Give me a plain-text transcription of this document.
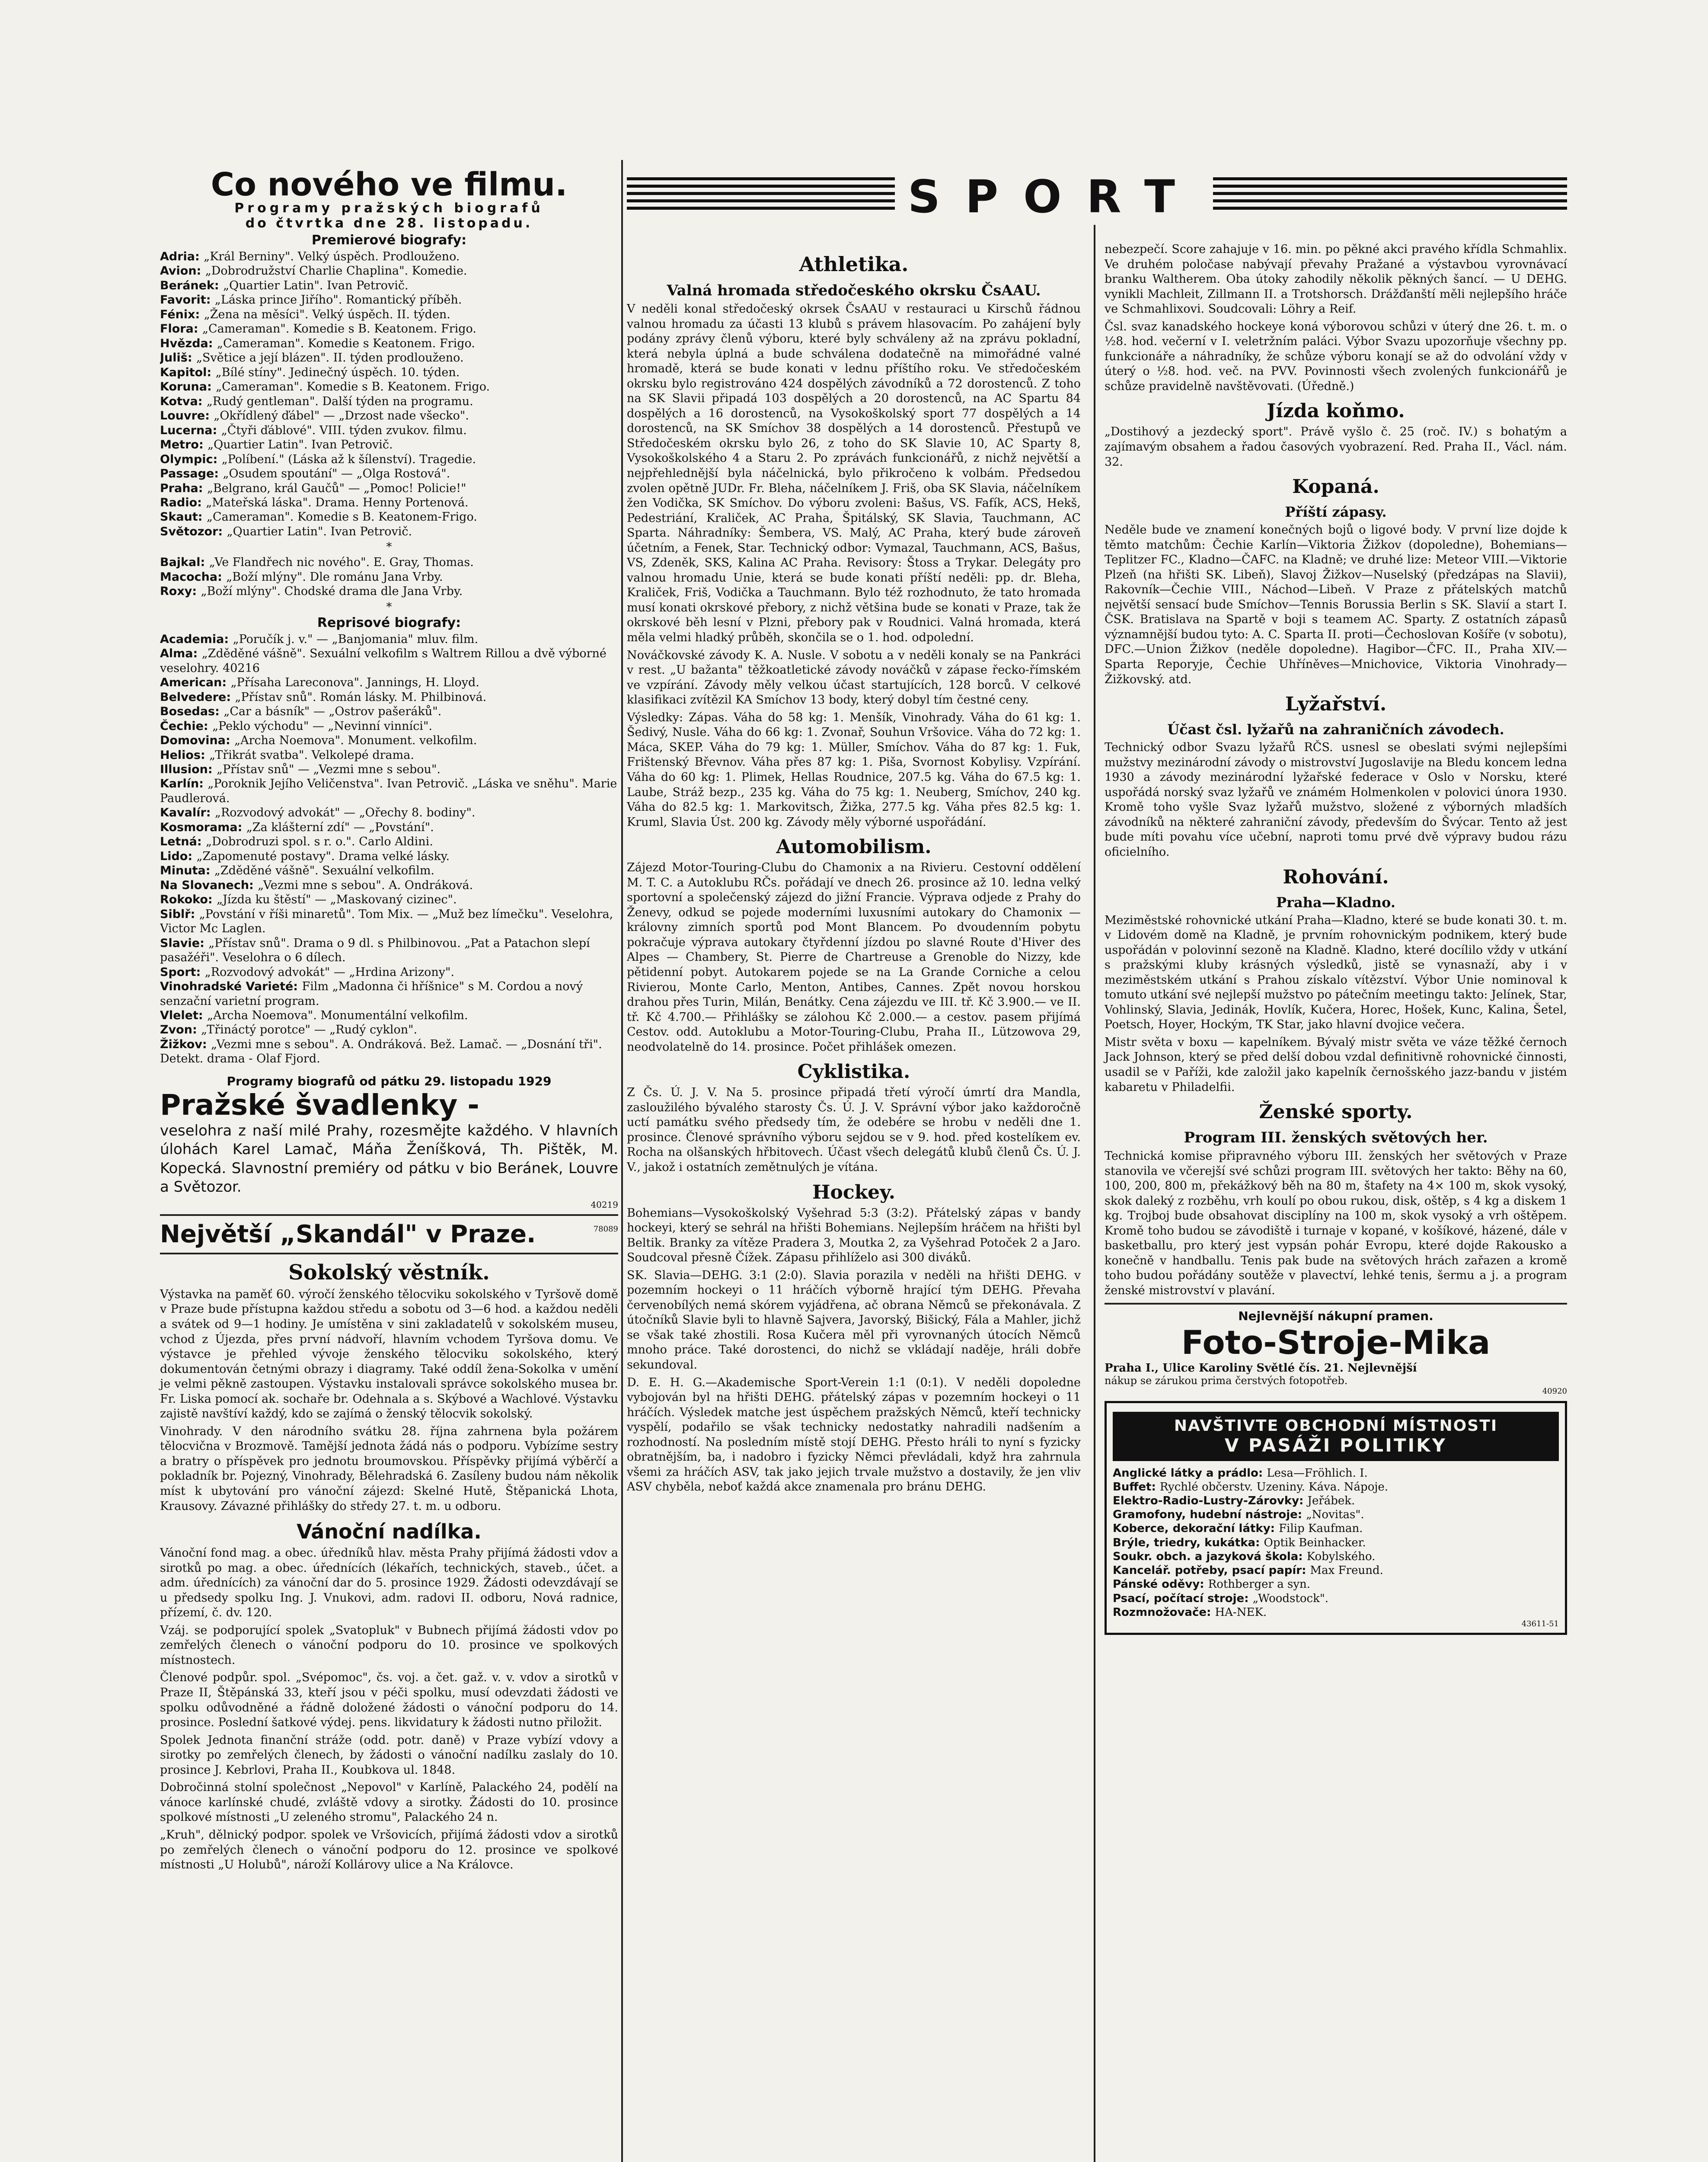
SPORT
Co nového ve filmu.
Programy pražských biografů
do čtvrtka dne 28. listopadu.
Premierové biografy:
Adria: „Král Berniny". Velký úspěch. Prodlouženo.
Avion: „Dobrodružství Charlie Chaplina". Komedie.
Beránek: „Quartier Latin". Ivan Petrovič.
Favorit: „Láska prince Jiřího". Romantický příběh.
Fénix: „Žena na měsíci". Velký úspěch. II. týden.
Flora: „Cameraman". Komedie s B. Keatonem. Frigo.
Hvězda: „Cameraman". Komedie s Keatonem. Frigo.
Juliš: „Světice a její blázen". II. týden prodlouženo.
Kapitol: „Bílé stíny". Jedinečný úspěch. 10. týden.
Koruna: „Cameraman". Komedie s B. Keatonem. Frigo.
Kotva: „Rudý gentleman". Další týden na programu.
Louvre: „Okřídlený ďábel" — „Drzost nade všecko".
Lucerna: „Čtyři ďáblové". VIII. týden zvukov. filmu.
Metro: „Quartier Latin". Ivan Petrovič.
Olympic: „Políbení." (Láska až k šílenství). Tragedie.
Passage: „Osudem spoutání" — „Olga Rostová".
Praha: „Belgrano, král Gaučů" — „Pomoc! Policie!"
Radio: „Mateřská láska". Drama. Henny Portenová.
Skaut: „Cameraman". Komedie s B. Keatonem-Frigo.
Světozor: „Quartier Latin". Ivan Petrovič.
*
Bajkal: „Ve Flandřech nic nového". E. Gray, Thomas.
Macocha: „Boží mlýny". Dle románu Jana Vrby.
Roxy: „Boží mlýny". Chodské drama dle Jana Vrby.
*
Reprisové biografy:
Academia: „Poručík j. v." — „Banjomania" mluv. film.
Alma: „Zděděné vášně". Sexuální velkofilm s Waltrem Rillou a dvě výborné veselohry. 40216
American: „Přísaha Lareconova". Jannings, H. Lloyd.
Belvedere: „Přístav snů". Román lásky. M. Philbinová.
Bosedas: „Car a básník" — „Ostrov pašeráků".
Čechie: „Peklo východu" — „Nevinní vinníci".
Domovina: „Archa Noemova". Monument. velkofilm.
Helios: „Třikrát svatba". Velkolepé drama.
Illusion: „Přístav snů" — „Vezmi mne s sebou".
Karlín: „Poroknik Jejího Veličenstva". Ivan Petrovič. „Láska ve sněhu". Marie Paudlerová.
Kavalír: „Rozvodový advokát" — „Ořechy 8. bodiny".
Kosmorama: „Za klášterní zdí" — „Povstání".
Letná: „Dobrodruzi spol. s r. o.". Carlo Aldini.
Lido: „Zapomenuté postavy". Drama velké lásky.
Minuta: „Zděděné vášně". Sexuální velkofilm.
Na Slovanech: „Vezmi mne s sebou". A. Ondráková.
Rokoko: „Jízda ku štěstí" — „Maskovaný cizinec".
Siblř: „Povstání v říši minaretů". Tom Mix. — „Muž bez límečku". Veselohra, Victor Mc Laglen.
Slavie: „Přístav snů". Drama o 9 dl. s Philbinovou. „Pat a Patachon slepí pasažéři". Veselohra o 6 dílech.
Sport: „Rozvodový advokát" — „Hrdina Arizony".
Vinohradské Varieté: Film „Madonna či hříšnice" s M. Cordou a nový senzační varietní program.
Vlelet: „Archa Noemova". Monumentální velkofilm.
Zvon: „Třináctý porotce" — „Rudý cyklon".
Žižkov: „Vezmi mne s sebou". A. Ondráková. Bež. Lamač. — „Dosnání tři". Detekt. drama - Olaf Fjord.
Programy biografů od pátku 29. listopadu 1929
Pražské švadlenky -

veselohra z naší milé Prahy, rozesmějte každého. V hlavních úlohách Karel Lamač, Máňa Ženíšková, Th. Pištěk, M. Kopecká. Slavnostní premiéry od pátku v bio Beránek, Louvre a Světozor.

40219
Největší „Skandál" v Praze.	78089
Sokolský věstník.

Výstavka na paměť 60. výročí ženského tělocviku sokolského v Tyršově domě v Praze bude přístupna každou středu a sobotu od 3—6 hod. a každou neděli a svátek od 9—1 hodiny. Je umístěna v sini zakladatelů v sokolském museu, vchod z Újezda, přes první nádvoří, hlavním vchodem Tyršova domu. Ve výstavce je přehled vývoje ženského tělocviku sokolského, který dokumentován četnými obrazy i diagramy. Také oddíl žena-Sokolka v umění je velmi pěkně zastoupen. Výstavku instalovali správce sokolského musea br. Fr. Liska pomocí ak. sochaře br. Odehnala a s. Skýbové a Wachlové. Výstavku zajistě navštíví každý, kdo se zajímá o ženský tělocvik sokolský.

Vinohrady. V den národního svátku 28. října zahrnena byla požárem tělocvična v Brozmově. Tamější jednota žádá nás o podporu. Vybízíme sestry a bratry o příspěvek pro jednotu broumovskou. Příspěvky přijímá výběrčí a pokladník br. Pojezný, Vinohrady, Bělehradská 6. Zasíleny budou nám několik míst k ubytování pro vánoční zájezd: Skelné Hutě, Štěpanická Lhota, Krausovy. Závazné přihlášky do středy 27. t. m. u odboru.

Vánoční nadílka.

Vánoční fond mag. a obec. úředníků hlav. města Prahy přijímá žádosti vdov a sirotků po mag. a obec. úřednících (lékařích, technických, staveb., účet. a adm. úřednících) za vánoční dar do 5. prosince 1929. Žádosti odevzdávají se u předsedy spolku Ing. J. Vnukovi, adm. radovi II. odboru, Nová radnice, přízemí, č. dv. 120.

Vzáj. se podporující spolek „Svatopluk" v Bubnech přijímá žádosti vdov po zemřelých členech o vánoční podporu do 10. prosince ve spolkových místnostech.

Členové podpůr. spol. „Svépomoc", čs. voj. a čet. gaž. v. v. vdov a sirotků v Praze II, Štěpánská 33, kteří jsou v péči spolku, musí odevzdati žádosti ve spolku odůvodněné a řádně doložené žádosti o vánoční podporu do 14. prosince. Poslední šatkové výdej. pens. likvidatury k žádosti nutno přiložit.

Spolek Jednota finanční stráže (odd. potr. daně) v Praze vybízí vdovy a sirotky po zemřelých členech, by žádosti o vánoční nadílku zaslaly do 10. prosince J. Kebrlovi, Praha II., Koubkova ul. 1848.

Dobročinná stolní společnost „Nepovol" v Karlíně, Palackého 24, podělí na vánoce karlínské chudé, zvláště vdovy a sirotky. Žádosti do 10. prosince spolkové místnosti „U zeleného stromu", Palackého 24 n.

„Kruh", dělnický podpor. spolek ve Vršovicích, přijímá žádosti vdov a sirotků po zemřelých členech o vánoční podporu do 12. prosince ve spolkové místnosti „U Holubů", nároží Kollárovy ulice a Na Královce.

Athletika.
Valná hromada středočeského okrsku ČsAAU.

V neděli konal středočeský okrsek ČsAAU v restauraci u Kirschů řádnou valnou hromadu za účasti 13 klubů s právem hlasovacím. Po zahájení byly podány zprávy členů výboru, které byly schváleny až na zprávu pokladní, která nebyla úplná a bude schválena dodatečně na mimořádné valné hromadě, která se bude konati v lednu příštího roku. Ve středočeském okrsku bylo registrováno 424 dospělých závodníků a 72 dorostenců. Z toho na SK Slavii připadá 103 dospělých a 20 dorostenců, na AC Spartu 84 dospělých a 16 dorostenců, na Vysokoškolský sport 77 dospělých a 14 dorostenců, na SK Smíchov 38 dospělých a 14 dorostenců. Přestupů ve Středočeském okrsku bylo 26, z toho do SK Slavie 10, AC Sparty 8, Vysokoškolského 4 a Staru 2. Po zprávách funkcionářů, z nichž největší a nejpřehlednější byla náčelnická, bylo přikročeno k volbám. Předsedou zvolen opětně JUDr. Fr. Bleha, náčelníkem J. Friš, oba SK Slavia, náčelníkem žen Vodička, SK Smíchov. Do výboru zvoleni: Bašus, VS. Fafík, ACS, Hekš, Pedestriání, Kraliček, AC Praha, Špitálský, SK Slavia, Tauchmann, AC Sparta. Náhradníky: Šembera, VS. Malý, AC Praha, který bude zároveň účetním, a Fenek, Star. Technický odbor: Vymazal, Tauchmann, ACS, Bašus, VS, Zdeněk, SKS, Kalina AC Praha. Revisory: Štoss a Trykar. Delegáty pro valnou hromadu Unie, která se bude konati příští neděli: pp. dr. Bleha, Kraliček, Friš, Vodička a Tauchmann. Bylo též rozhodnuto, že tato hromada musí konati okrskové přebory, z nichž většina bude se konati v Praze, tak že okrskové běh lesní v Plzni, přebory pak v Roudnici. Valná hromada, která měla velmi hladký průběh, skončila se o 1. hod. odpolední.

Nováčkovské závody K. A. Nusle. V sobotu a v neděli konaly se na Pankráci v rest. „U bažanta" těžkoatletické závody nováčků v zápase řecko-římském ve vzpírání. Závody měly velkou účast startujících, 128 borců. V celkové klasifikaci zvítězil KA Smíchov 13 body, který dobyl tím čestné ceny.

Výsledky: Zápas. Váha do 58 kg: 1. Menšík, Vinohrady. Váha do 61 kg: 1. Šedivý, Nusle. Váha do 66 kg: 1. Zvonař, Souhun Vršovice. Váha do 72 kg: 1. Máca, SKEP. Váha do 79 kg: 1. Müller, Smíchov. Váha do 87 kg: 1. Fuk, Frištenský Břevnov. Váha přes 87 kg: 1. Piša, Svornost Kobylisy. Vzpírání. Váha do 60 kg: 1. Plimek, Hellas Roudnice, 207.5 kg. Váha do 67.5 kg: 1. Laube, Stráž bezp., 235 kg. Váha do 75 kg: 1. Neuberg, Smíchov, 240 kg. Váha do 82.5 kg: 1. Markovitsch, Žižka, 277.5 kg. Váha přes 82.5 kg: 1. Kruml, Slavia Úst. 200 kg. Závody měly výborné uspořádání.

Automobilism.

Zájezd Motor-Touring-Clubu do Chamonix a na Rivieru. Cestovní oddělení M. T. C. a Autoklubu RČs. pořádají ve dnech 26. prosince až 10. ledna velký sportovní a společenský zájezd do jižní Francie. Výprava odjede z Prahy do Ženevy, odkud se pojede moderními luxusními autokary do Chamonix — královny zimních sportů pod Mont Blancem. Po dvoudenním pobytu pokračuje výprava autokary čtyřdenní jízdou po slavné Route d'Hiver des Alpes — Chambery, St. Pierre de Chartreuse a Grenoble do Nizzy, kde pětidenní pobyt. Autokarem pojede se na La Grande Corniche a celou Rivierou, Monte Carlo, Menton, Antibes, Cannes. Zpět novou horskou drahou přes Turin, Milán, Benátky. Cena zájezdu ve III. tř. Kč 3.900.— ve II. tř. Kč 4.700.— Přihlášky se zálohou Kč 2.000.— a cestov. pasem přijímá Cestov. odd. Autoklubu a Motor-Touring-Clubu, Praha II., Lützowova 29, neodvolatelně do 14. prosince. Počet přihlášek omezen.

Cyklistika.

Z Čs. Ú. J. V. Na 5. prosince připadá třetí výročí úmrtí dra Mandla, zasloužilého bývalého starosty Čs. Ú. J. V. Správní výbor jako každoročně uctí památku svého předsedy tím, že odebére se hrobu v neděli dne 1. prosince. Členové správního výboru sejdou se v 9. hod. před kostelíkem ev. Rocha na olšanských hřbitovech. Účast všech delegátů klubů členů Čs. Ú. J. V., jakož i ostatních zemětnulých je vítána.

Hockey.

Bohemians—Vysokoškolský Vyšehrad 5:3 (3:2). Přátelský zápas v bandy hockeyi, který se sehrál na hřišti Bohemians. Nejlepším hráčem na hřišti byl Beltik. Branky za vítěze Pradera 3, Moutka 2, za Vyšehrad Potoček 2 a Jaro. Soudcoval přesně Čížek. Zápasu přihlíželo asi 300 diváků.

SK. Slavia—DEHG. 3:1 (2:0). Slavia porazila v neděli na hřišti DEHG. v pozemním hockeyi o 11 hráčích výborně hrající tým DEHG. Převaha červenobílých nemá skórem vyjádřena, ač obrana Němců se překonávala. Z útočníků Slavie byli to hlavně Sajvera, Javorský, Bišický, Fála a Mahler, jichž se však také zhostili. Rosa Kučera měl při vyrovnaných útocích Němců mnoho práce. Také dorostenci, do nichž se vkládají naděje, hráli dobře sekundoval.

D. E. H. G.—Akademische Sport-Verein 1:1 (0:1). V neděli dopoledne vybojován byl na hřišti DEHG. přátelský zápas v pozemním hockeyi o 11 hráčích. Výsledek matche jest úspěchem pražských Němců, kteří technicky vyspělí, podařilo se však technicky nedostatky nahradili nadšením a rozhodností. Na posledním místě stojí DEHG. Přesto hráli to nyní s fyzicky obratnějším, ba, i nadobro i fyzicky Němci převládali, když hra zahrnula všemi za hráčích ASV, tak jako jejich trvale mužstvo a dostavily, že jen vliv ASV chyběla, neboť každá akce znamenala pro bránu DEHG.

nebezpečí. Score zahajuje v 16. min. po pěkné akci pravého křídla Schmahlix. Ve druhém poločase nabývají převahy Pražané a výstavbou vyrovnávací branku Waltherem. Oba útoky zahodily několik pěkných šancí. — U DEHG. vynikli Machleit, Zillmann II. a Trotshorsch. Drážďanští měli nejlepšího hráče ve Schmahlixovi. Soudcovali: Löhry a Reif.

Čsl. svaz kanadského hockeye koná výborovou schůzi v úterý dne 26. t. m. o ½8. hod. večerní v I. veletržním paláci. Výbor Svazu upozorňuje všechny pp. funkcionáře a náhradníky, že schůze výboru konají se až do odvolání vždy v úterý o ½8. hod. več. na PVV. Povinnosti všech zvolených funkcionářů je schůze pravidelně navštěvovati. (Úředně.)

Jízda koňmo.

„Dostihový a jezdecký sport". Právě vyšlo č. 25 (roč. IV.) s bohatým a zajímavým obsahem a řadou časových vyobrazení. Red. Praha II., Václ. nám. 32.

Kopaná.
Příští zápasy.

Neděle bude ve znamení konečných bojů o ligové body. V první lize dojde k těmto matchům: Čechie Karlín—Viktoria Žižkov (dopoledne), Bohemians—Teplitzer FC., Kladno—ČAFC. na Kladně; ve druhé lize: Meteor VIII.—Viktorie Plzeň (na hřišti SK. Libeň), Slavoj Žižkov—Nuselský (předzápas na Slavii), Rakovník—Čechie VIII., Náchod—Libeň. V Praze z přátelských matchů největší sensací bude Smíchov—Tennis Borussia Berlin s SK. Slavií a start I. ČSK. Bratislava na Spartě v boji s teamem AC. Sparty. Z ostatních zápasů významnější budou tyto: A. C. Sparta II. proti—Čechoslovan Košíře (v sobotu), DFC.—Union Žižkov (neděle dopoledne). Hagibor—ČFC. II., Praha XIV.—Sparta Reporyje, Čechie Uhříněves—Mnichovice, Viktoria Vinohrady—Žižkovský. atd.

Lyžařství.
Účast čsl. lyžařů na zahraničních závodech.

Technický odbor Svazu lyžařů RČS. usnesl se obeslati svými nejlepšími mužstvy mezinárodní závody o mistrovství Jugoslavije na Bledu koncem ledna 1930 a závody mezinárodní lyžařské federace v Oslo v Norsku, které uspořádá norský svaz lyžařů ve známém Holmenkolen v polovici února 1930. Kromě toho vyšle Svaz lyžařů mužstvo, složené z výborných mladších závodníků na některé zahraniční závody, především do Švýcar. Tento až jest bude míti povahu více učební, naproti tomu prvé dvě výpravy budou rázu oficielního.

Rohování.
Praha—Kladno.

Meziměstské rohovnické utkání Praha—Kladno, které se bude konati 30. t. m. v Lidovém domě na Kladně, je prvním rohovnickým podnikem, který bude uspořádán v polovinní sezoně na Kladně. Kladno, které docílilo vždy v utkání s pražskými kluby krásných výsledků, jistě se vynasnaží, aby i v meziměstském utkání s Prahou získalo vítězství. Výbor Unie nominoval k tomuto utkání své nejlepší mužstvo po pátečním meetingu takto: Jelínek, Star, Vohlinský, Slavia, Jedinák, Hovlík, Kučera, Horec, Hošek, Kunc, Kalina, Šetel, Poetsch, Hoyer, Hockým, TK Star, jako hlavní dvojice večera.

Mistr světa v boxu — kapelníkem. Bývalý mistr světa ve váze těžké černoch Jack Johnson, který se před delší dobou vzdal definitivně rohovnické činnosti, usadil se v Paříži, kde založil jako kapelník černošského jazz-bandu v jistém kabaretu v Philadelfii.

Ženské sporty.
Program III. ženských světových her.

Technická komise připravného výboru III. ženských her světových v Praze stanovila ve včerejší své schůzi program III. světových her takto: Běhy na 60, 100, 200, 800 m, překážkový běh na 80 m, štafety na 4× 100 m, skok vysoký, skok daleký z rozběhu, vrh koulí po obou rukou, disk, oštěp, s 4 kg a diskem 1 kg. Trojboj bude obsahovat disciplíny na 100 m, skok vysoký a vrh oštěpem. Kromě toho budou se závodiště i turnaje v kopané, v košíkové, házené, dále v basketballu, pro který jest vypsán pohár Evropu, které dojde Rakousko a konečně v handballu. Tenis pak bude na světových hrách zařazen a kromě toho budou pořádány soutěže v plavectví, lehké tenis, šermu a j. a program ženské mistrovství v plavání.

Nejlevnější nákupní pramen.
Foto-Stroje-Mika
Praha I., Ulice Karoliny Světlé čís. 21. Nejlevnější
nákup se zárukou prima čerstvých fotopotřeb.
40920
NAVŠTIVTE OBCHODNÍ MÍSTNOSTI
V PASÁŽI POLITIKY
Anglické látky a prádlo: Lesa—Fröhlich. I.
Buffet: Rychlé občerstv. Uzeniny. Káva. Nápoje.
Elektro-Radio-Lustry-Zárovky: Jeřábek.
Gramofony, hudební nástroje: „Novitas".
Koberce, dekorační látky: Filip Kaufman.
Brýle, triedry, kukátka: Optik Beinhacker.
Soukr. obch. a jazyková škola: Kobylského.
Kancelář. potřeby, psací papír: Max Freund.
Pánské oděvy: Rothberger a syn.
Psací, počítací stroje: „Woodstock".
Rozmnožovače: HA-NEK.
43611-51
